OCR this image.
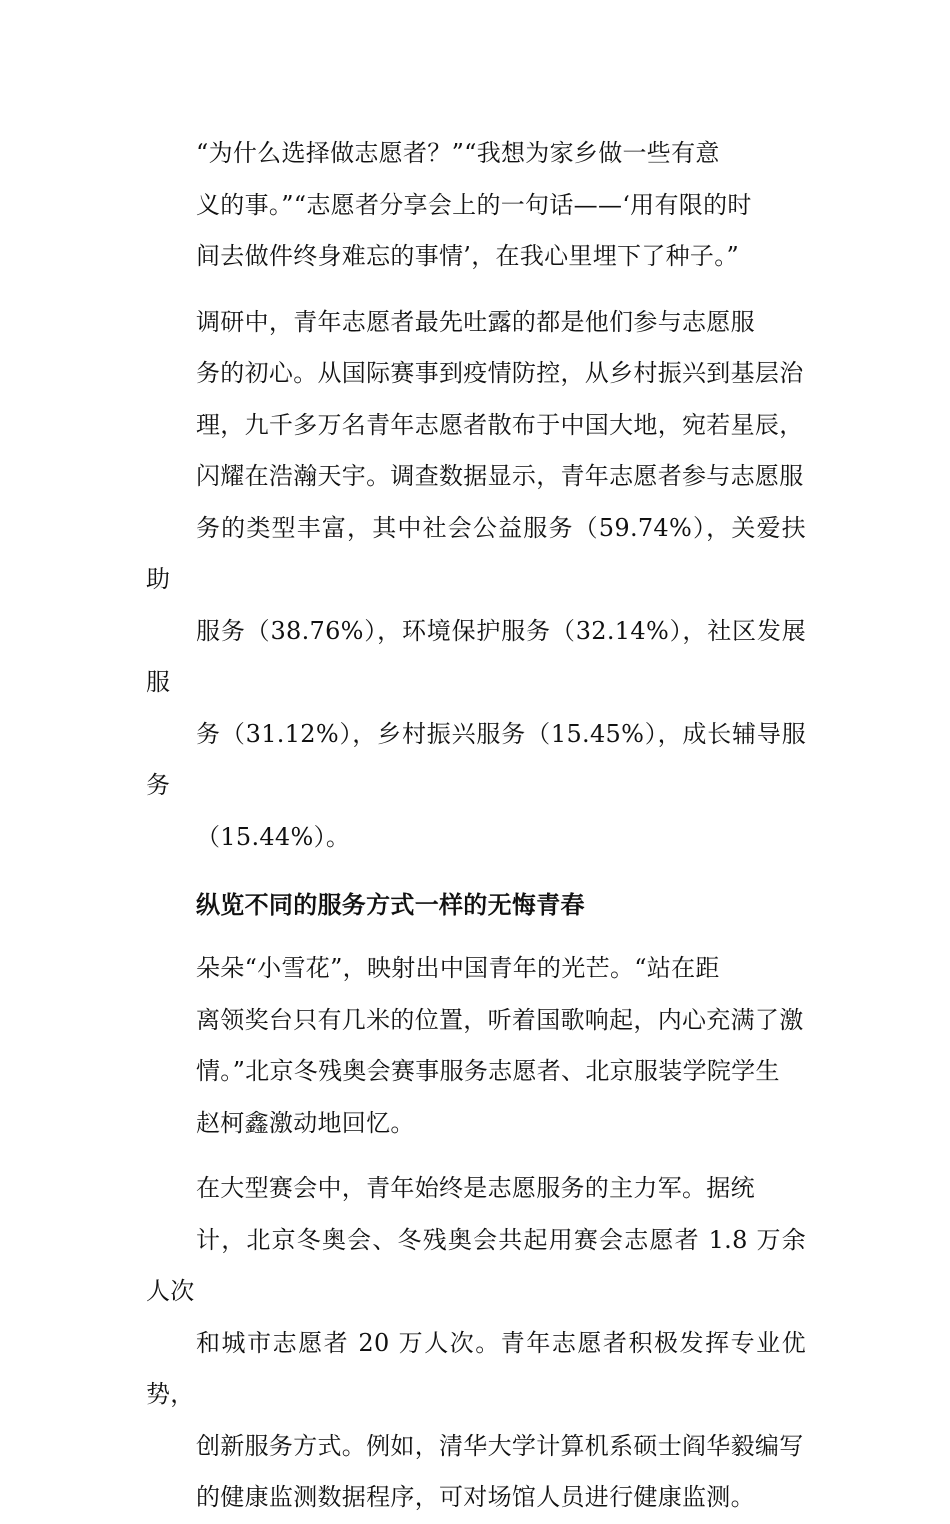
“为什么选择做志愿者？”“我想为家乡做一些有意
义的事。”“志愿者分享会上的一句话——‘用有限的时
间去做件终身难忘的事情’，在我心里埋下了种子。”

调研中，青年志愿者最先吐露的都是他们参与志愿服
务的初心。从国际赛事到疫情防控，从乡村振兴到基层治
理，九千多万名青年志愿者散布于中国大地，宛若星辰，
闪耀在浩瀚天宇。调查数据显示，青年志愿者参与志愿服
务的类型丰富，其中社会公益服务（59.74%），关爱扶助
服务（38.76%），环境保护服务（32.14%），社区发展服
务（31.12%），乡村振兴服务（15.45%），成长辅导服务
（15.44%）。

纵览不同的服务方式一样的无悔青春

朵朵“小雪花”，映射出中国青年的光芒。“站在距
离领奖台只有几米的位置，听着国歌响起，内心充满了激
情。”北京冬残奥会赛事服务志愿者、北京服装学院学生
赵柯鑫激动地回忆。

在大型赛会中，青年始终是志愿服务的主力军。据统
计，北京冬奥会、冬残奥会共起用赛会志愿者 1.8 万余人次
和城市志愿者 20 万人次。青年志愿者积极发挥专业优势，
创新服务方式。例如，清华大学计算机系硕士阎华毅编写
的健康监测数据程序，可对场馆人员进行健康监测。
